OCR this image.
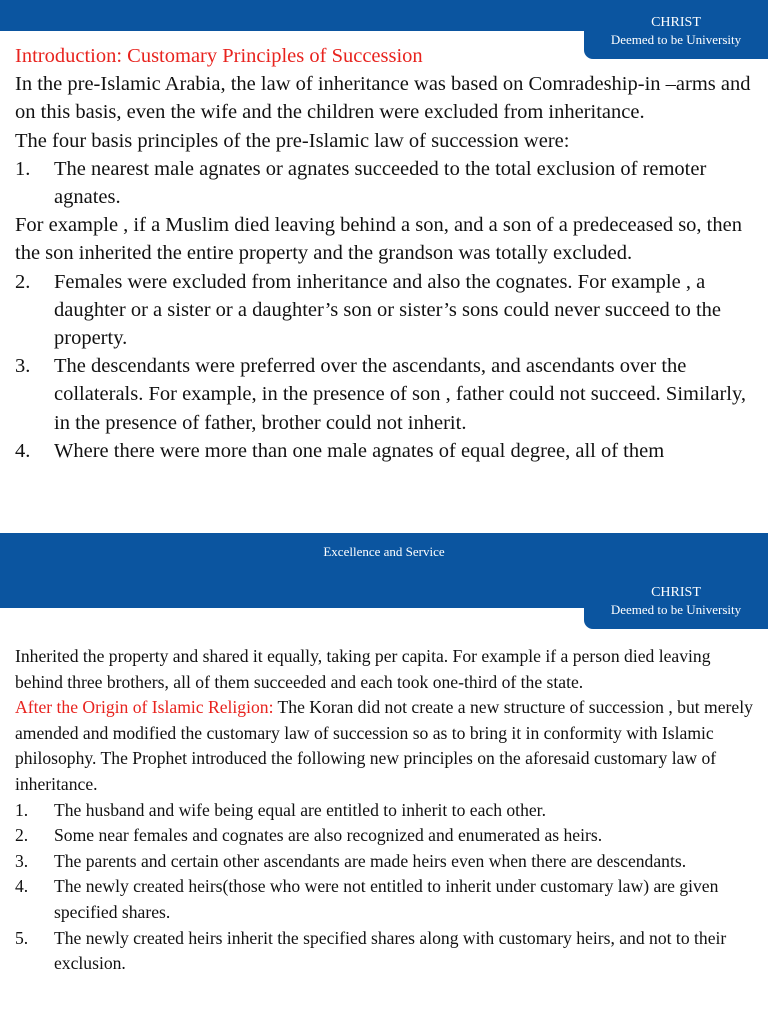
CHRIST
Deemed to be University

Introduction: Customary Principles of Succession

In the pre-Islamic Arabia, the law of inheritance was based on Comradeship-in –arms and on this basis, even the wife and the children were excluded from inheritance.

The four basis principles of the pre-Islamic law of succession were:

1.	The nearest male agnates or agnates succeeded to the total exclusion of remoter agnates.

For example , if a Muslim died leaving behind a son, and a son of a predeceased so, then the son inherited the entire property and the grandson was totally excluded.

2.	Females were excluded from inheritance and also the cognates. For example , a daughter or a sister or a daughter’s son or sister’s sons could never succeed to the property.
3.	The descendants were preferred over the ascendants, and ascendants over the collaterals. For example, in the presence of son , father could not succeed. Similarly, in the presence of father, brother could not inherit.
4.	Where there were more than one male agnates of equal degree, all of them
Excellence and Service
CHRIST
Deemed to be University

Inherited the property and shared it equally, taking per capita. For example if a person died leaving behind three brothers, all of them succeeded and each took one-third of the state.

After the Origin of Islamic Religion: The Koran did not create a new structure of succession , but merely amended and modified the customary law of succession so as to bring it in conformity with Islamic philosophy. The Prophet introduced the following new principles on the aforesaid customary law of inheritance.

1.	The husband and wife being equal are entitled to inherit to each other.
2.	Some near females and cognates are also recognized and enumerated as heirs.
3.	The parents and certain other ascendants are made heirs even when there are descendants.
4.	The newly created heirs(those who were not entitled to inherit under customary law) are given specified shares.
5.	The newly created heirs inherit the specified shares along with customary heirs, and not to their exclusion.
